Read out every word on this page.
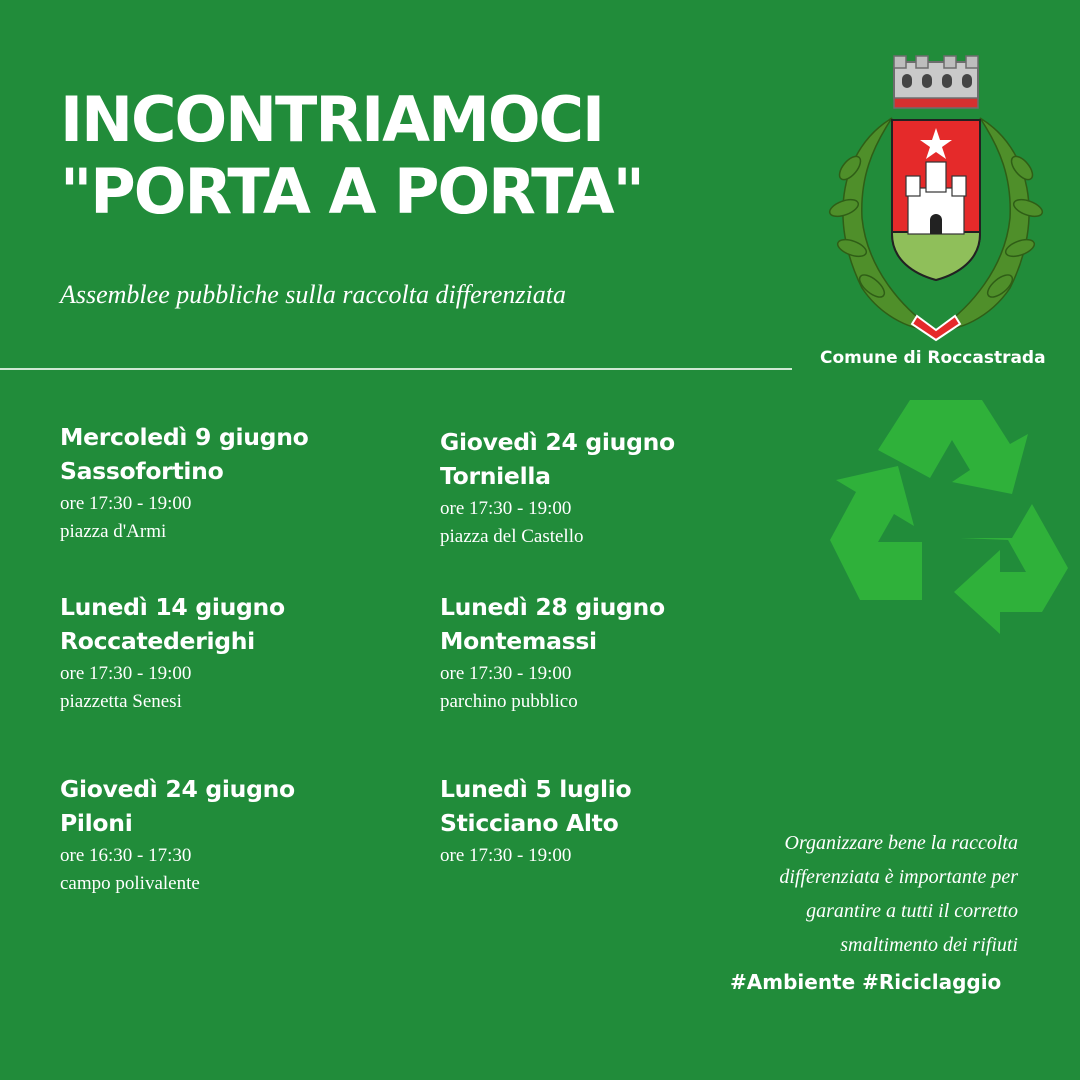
INCONTRIAMOCI
"PORTA A PORTA"
Assemblee pubbliche sulla raccolta differenziata
Comune di Roccastrada
Mercoledì 9 giugno
Sassofortino
ore 17:30 - 19:00
piazza d'Armi
Giovedì 24 giugno
Torniella
ore 17:30 - 19:00
piazza del Castello
Lunedì 14 giugno
Roccatederighi
ore 17:30 - 19:00
piazzetta Senesi
Lunedì 28 giugno
Montemassi
ore 17:30 - 19:00
parchino pubblico
Giovedì 24 giugno
Piloni
ore 16:30 - 17:30
campo polivalente
Lunedì 5 luglio
Sticciano Alto
ore 17:30 - 19:00
Organizzare bene la raccolta
differenziata è importante per
garantire a tutti il corretto
smaltimento dei rifiuti
#Ambiente #Riciclaggio
